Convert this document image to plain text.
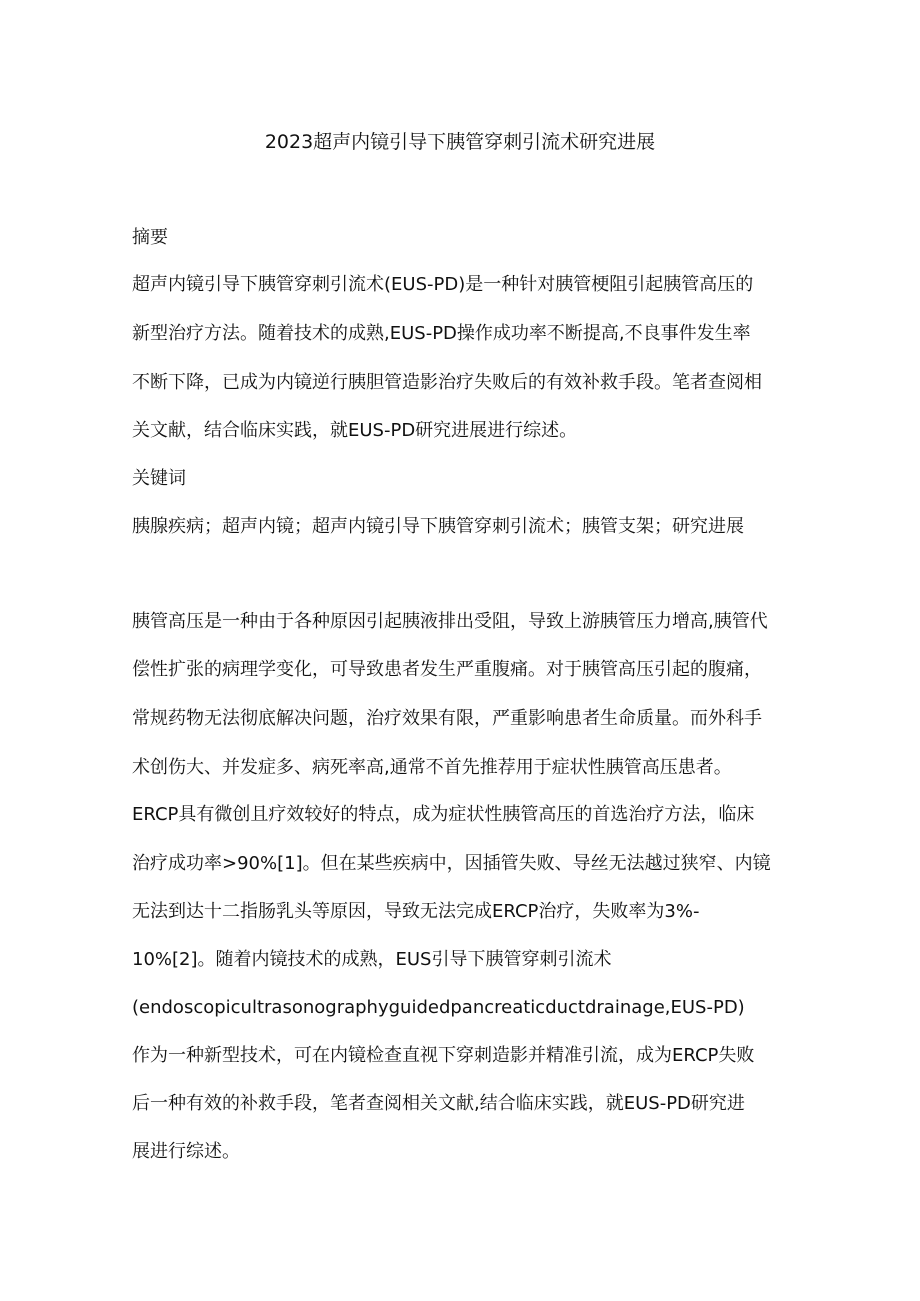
2023超声内镜引导下胰管穿刺引流术研究进展
摘要
超声内镜引导下胰管穿刺引流术(EUS-PD)是一种针对胰管梗阻引起胰管高压的
新型治疗方法。随着技术的成熟,EUS-PD操作成功率不断提高,不良事件发生率
不断下降，已成为内镜逆行胰胆管造影治疗失败后的有效补救手段。笔者查阅相
关文献，结合临床实践，就EUS-PD研究进展进行综述。
关键词
胰腺疾病；超声内镜；超声内镜引导下胰管穿刺引流术；胰管支架；研究进展
胰管高压是一种由于各种原因引起胰液排出受阻，导致上游胰管压力增高,胰管代
偿性扩张的病理学变化，可导致患者发生严重腹痛。对于胰管高压引起的腹痛，
常规药物无法彻底解决问题，治疗效果有限，严重影响患者生命质量。而外科手
术创伤大、并发症多、病死率高,通常不首先推荐用于症状性胰管高压患者。
ERCP具有微创且疗效较好的特点，成为症状性胰管高压的首选治疗方法，临床
治疗成功率>90%[1]。但在某些疾病中，因插管失败、导丝无法越过狭窄、内镜
无法到达十二指肠乳头等原因，导致无法完成ERCP治疗，失败率为3%-
10%[2]。随着内镜技术的成熟，EUS引导下胰管穿刺引流术
(endoscopicultrasonographyguidedpancreaticductdrainage,EUS-PD)
作为一种新型技术，可在内镜检查直视下穿刺造影并精准引流，成为ERCP失败
后一种有效的补救手段，笔者查阅相关文献,结合临床实践，就EUS-PD研究进
展进行综述。
